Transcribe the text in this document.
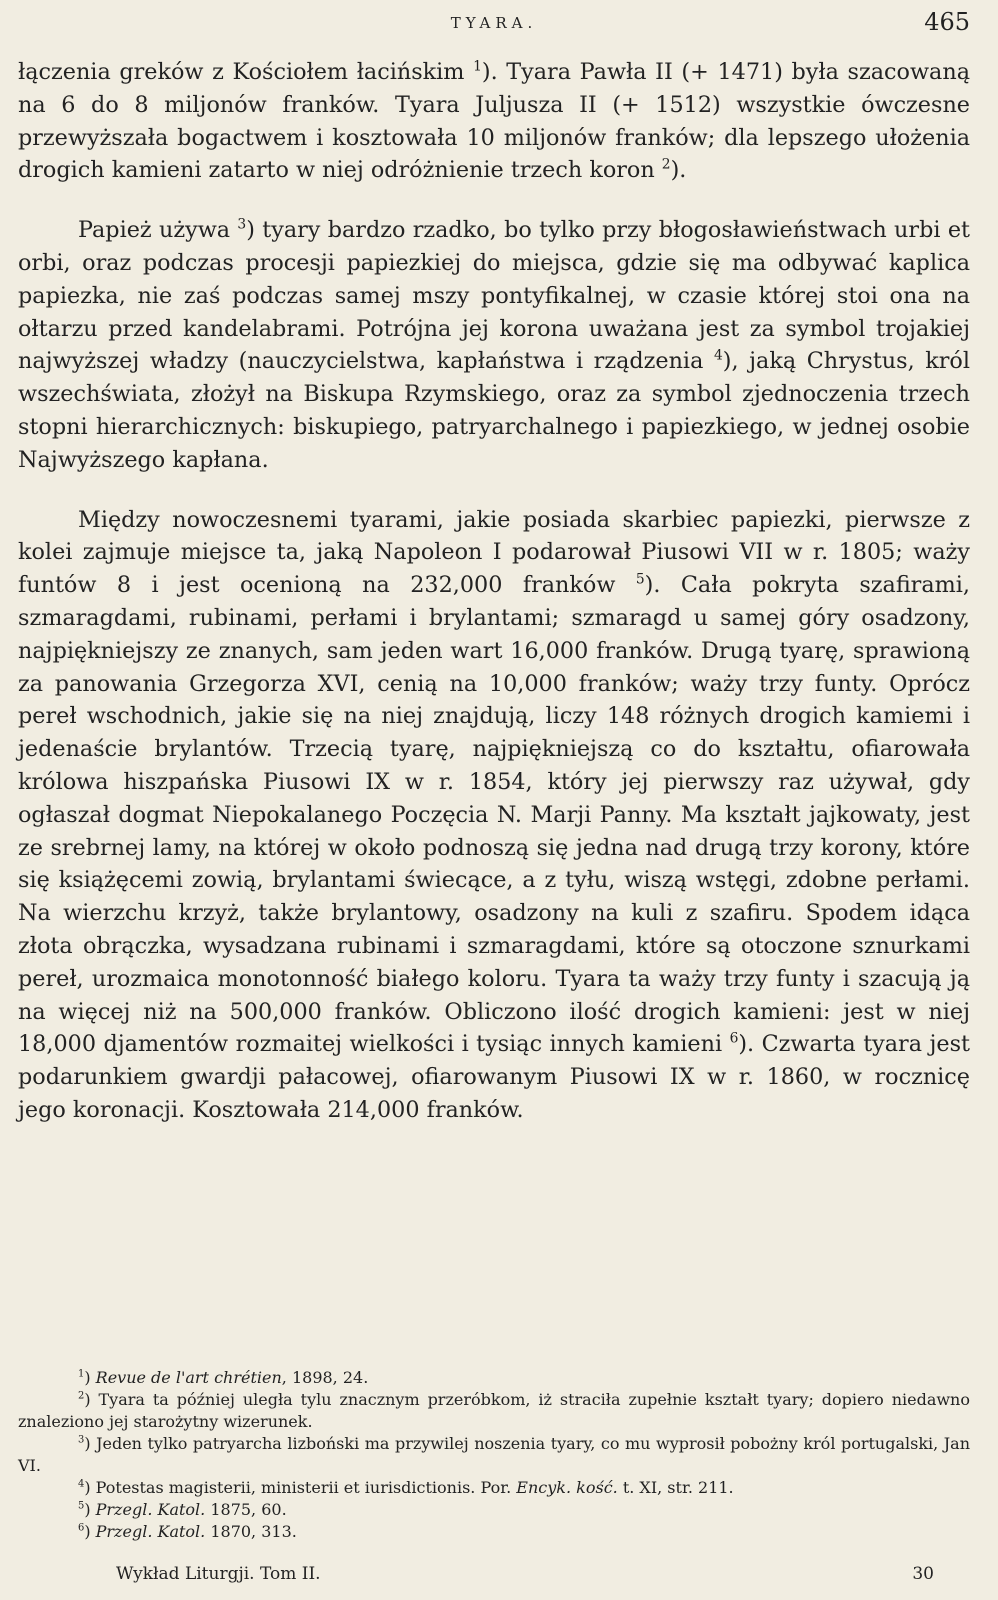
TYARA.	465

łączenia greków z Kościołem łacińskim $^1$). Tyara Pawła II (+ 1471) była szacowaną na 6 do 8 miljonów franków. Tyara Juljusza II (+ 1512) wszystkie ówczesne przewyższała bogactwem i kosztowała 10 miljonów franków; dla lepszego ułożenia drogich kamieni zatarto w niej odróżnienie trzech koron $^2$).

Papież używa $^3$) tyary bardzo rzadko, bo tylko przy błogosławieństwach urbi et orbi, oraz podczas procesji papiezkiej do miejsca, gdzie się ma odbywać kaplica papiezka, nie zaś podczas samej mszy pontyfikalnej, w czasie której stoi ona na ołtarzu przed kandelabrami. Potrójna jej korona uważana jest za symbol trojakiej najwyższej władzy (nauczycielstwa, kapłaństwa i rządzenia $^4$), jaką Chrystus, król wszechświata, złożył na Biskupa Rzymskiego, oraz za symbol zjednoczenia trzech stopni hierarchicznych: biskupiego, patryarchalnego i papiezkiego, w jednej osobie Najwyższego kapłana.

Między nowoczesnemi tyarami, jakie posiada skarbiec papiezki, pierwsze z kolei zajmuje miejsce ta, jaką Napoleon I podarował Piusowi VII w r. 1805; waży funtów 8 i jest ocenioną na 232,000 franków $^5$). Cała pokryta szafirami, szmaragdami, rubinami, perłami i brylantami; szmaragd u samej góry osadzony, najpiękniejszy ze znanych, sam jeden wart 16,000 franków. Drugą tyarę, sprawioną za panowania Grzegorza XVI, cenią na 10,000 franków; waży trzy funty. Oprócz pereł wschodnich, jakie się na niej znajdują, liczy 148 różnych drogich kamiemi i jedenaście brylantów. Trzecią tyarę, najpiękniejszą co do kształtu, ofiarowała królowa hiszpańska Piusowi IX w r. 1854, który jej pierwszy raz używał, gdy ogłaszał dogmat Niepokalanego Poczęcia N. Marji Panny. Ma kształt jajkowaty, jest ze srebrnej lamy, na której w około podnoszą się jedna nad drugą trzy korony, które się książęcemi zowią, brylantami świecące, a z tyłu, wiszą wstęgi, zdobne perłami. Na wierzchu krzyż, także brylantowy, osadzony na kuli z szafiru. Spodem idąca złota obrączka, wysadzana rubinami i szmaragdami, które są otoczone sznurkami pereł, urozmaica monotonność białego koloru. Tyara ta waży trzy funty i szacują ją na więcej niż na 500,000 franków. Obliczono ilość drogich kamieni: jest w niej 18,000 djamentów rozmaitej wielkości i tysiąc innych kamieni $^6$). Czwarta tyara jest podarunkiem gwardji pałacowej, ofiarowanym Piusowi IX w r. 1860, w rocznicę jego koronacji. Kosztowała 214,000 franków.

$^1$) Revue de l'art chrétien, 1898, 24.

$^2$) Tyara ta później uległa tylu znacznym przeróbkom, iż straciła zupełnie kształt tyary; dopiero niedawno znaleziono jej starożytny wizerunek.

$^3$) Jeden tylko patryarcha lizboński ma przywilej noszenia tyary, co mu wyprosił pobożny król portugalski, Jan VI.

$^4$) Potestas magisterii, ministerii et iurisdictionis. Por. Encyk. kość. t. XI, str. 211.

$^5$) Przegl. Katol. 1875, 60.

$^6$) Przegl. Katol. 1870, 313.

Wykład Liturgji. Tom II.	30
